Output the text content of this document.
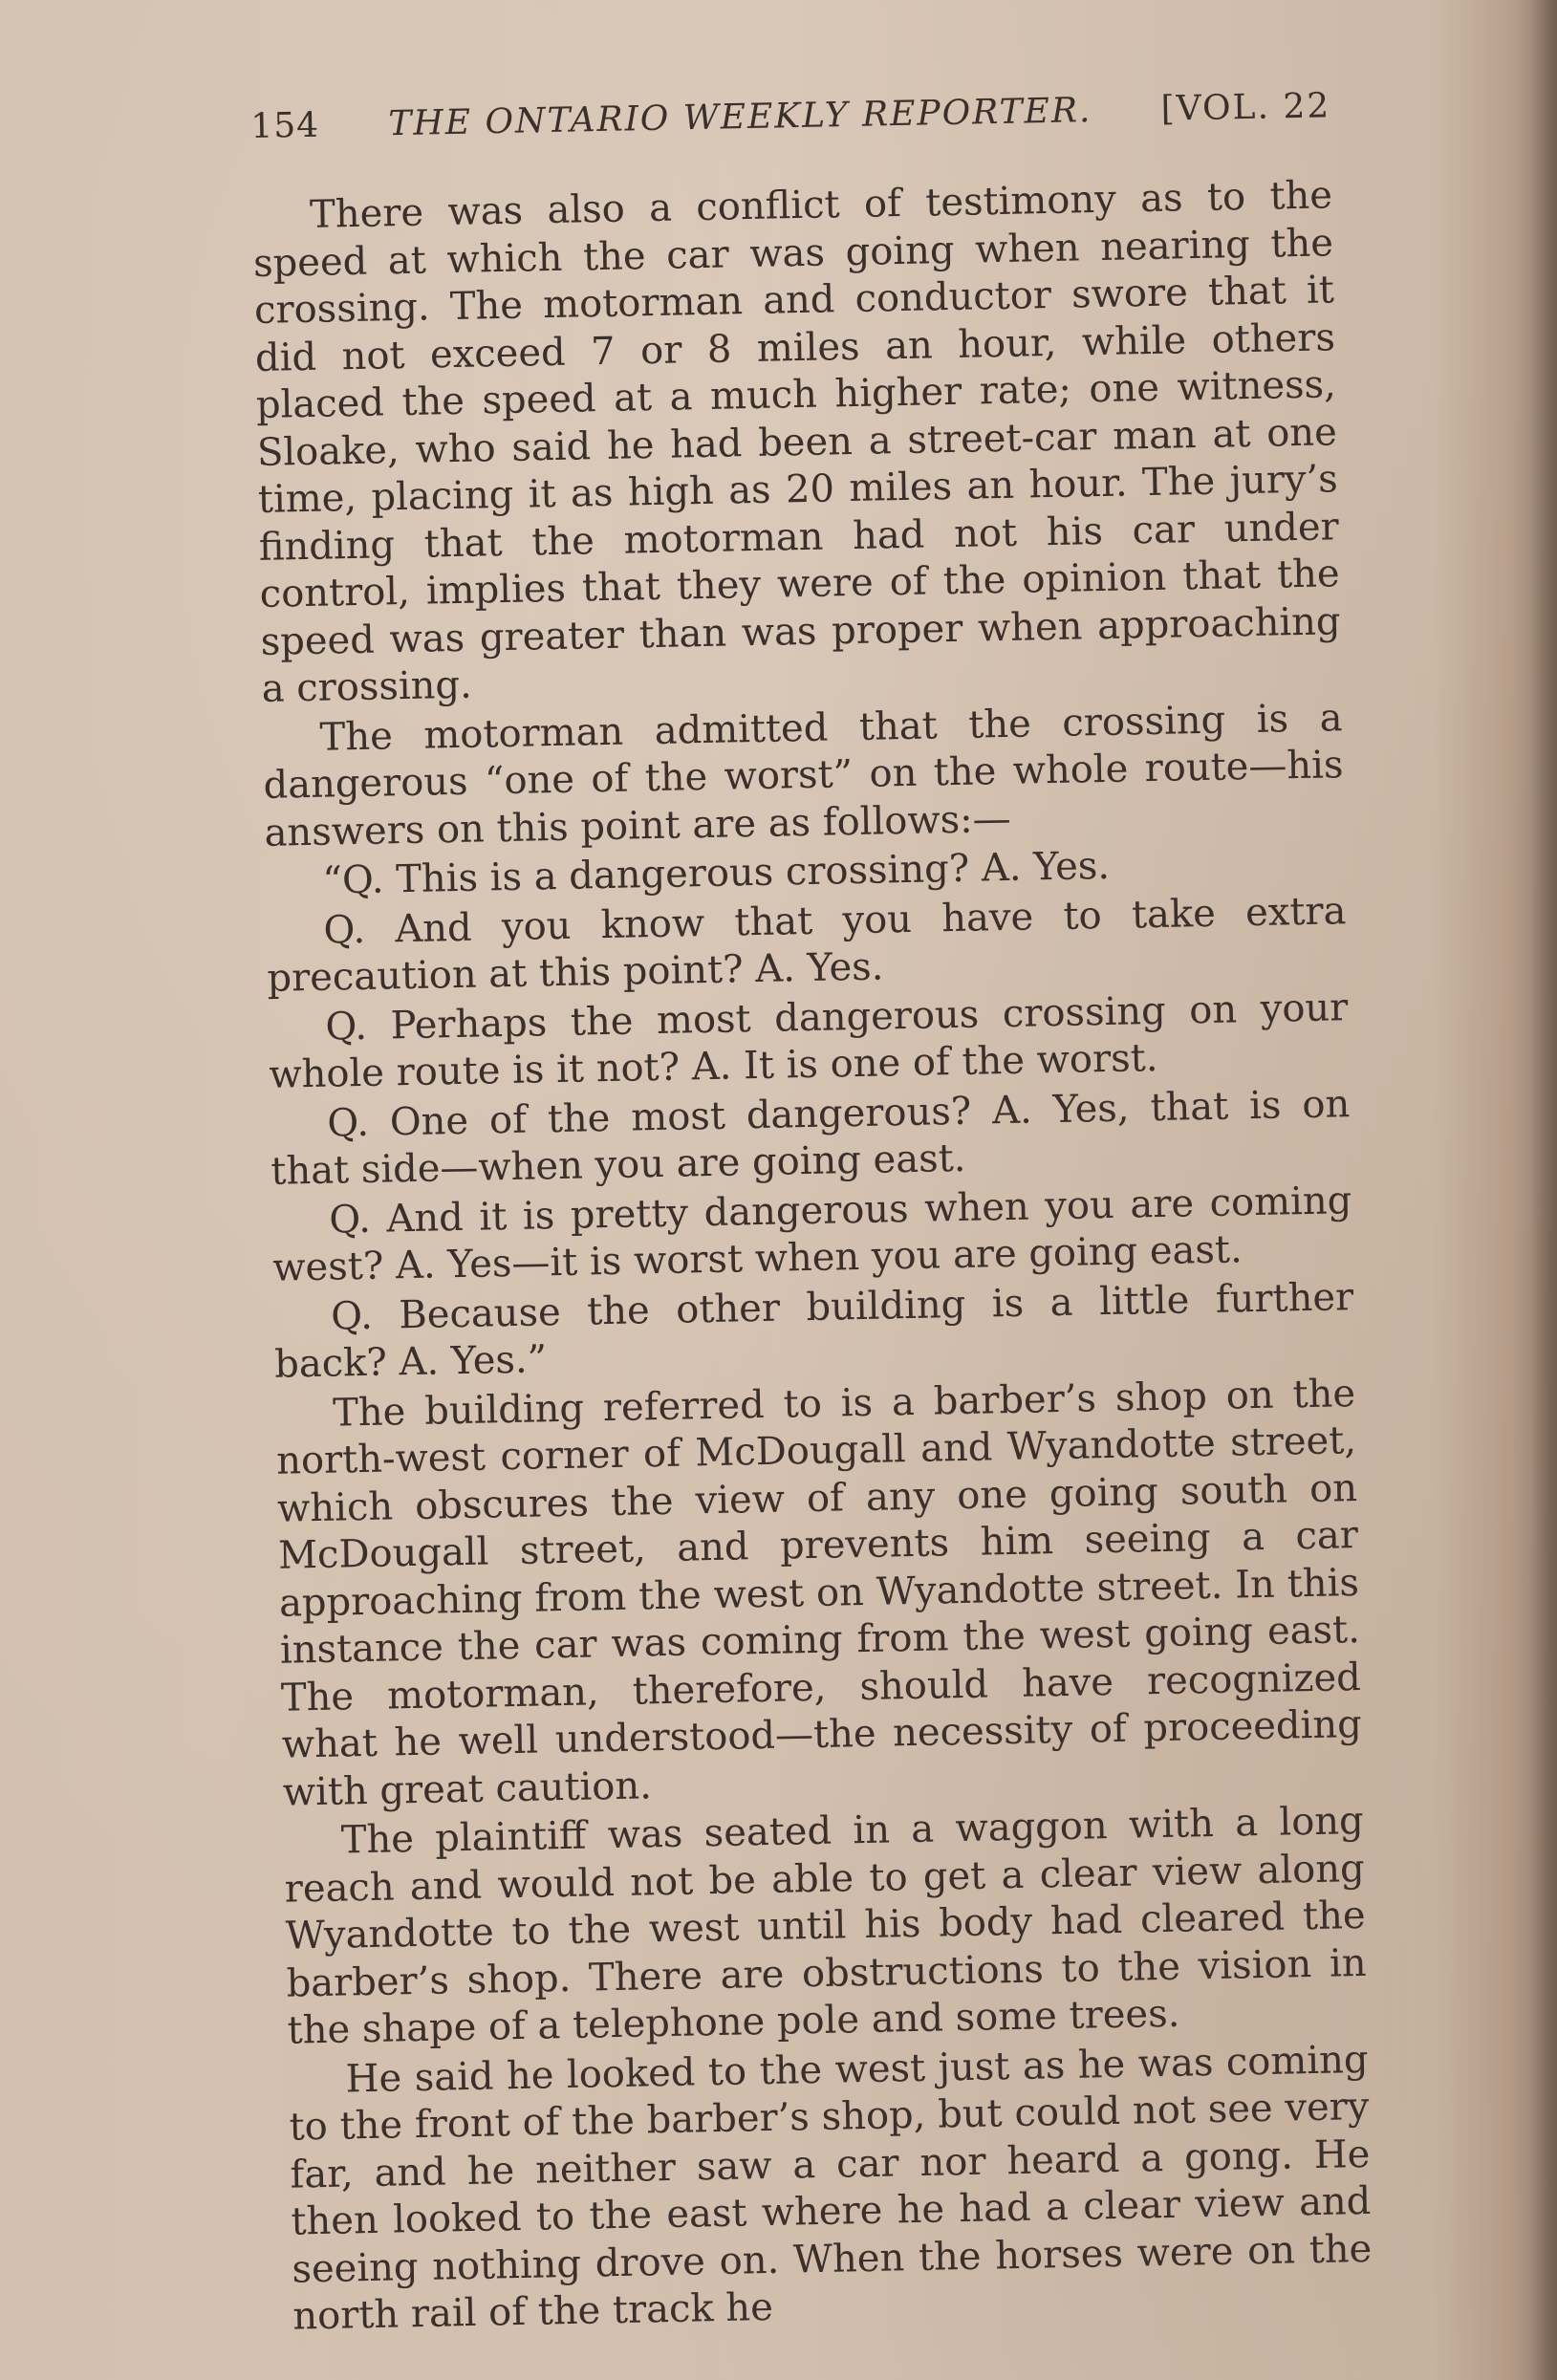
154 THE ONTARIO WEEKLY REPORTER. [VOL. 22

There was also a conflict of testimony as to the speed at which the car was going when nearing the crossing. The motorman and conductor swore that it did not exceed 7 or 8 miles an hour, while others placed the speed at a much higher rate; one witness, Sloake, who said he had been a street-car man at one time, placing it as high as 20 miles an hour. The jury’s finding that the motorman had not his car under control, implies that they were of the opinion that the speed was greater than was proper when approaching a crossing.

The motorman admitted that the crossing is a dangerous “one of the worst” on the whole route—his answers on this point are as follows:—

“Q. This is a dangerous crossing? A. Yes.

Q. And you know that you have to take extra precaution at this point? A. Yes.

Q. Perhaps the most dangerous crossing on your whole route is it not? A. It is one of the worst.

Q. One of the most dangerous? A. Yes, that is on that side—when you are going east.

Q. And it is pretty dangerous when you are coming west? A. Yes—it is worst when you are going east.

Q. Because the other building is a little further back? A. Yes.”

The building referred to is a barber’s shop on the north-west corner of McDougall and Wyandotte street, which obscures the view of any one going south on McDougall street, and prevents him seeing a car approaching from the west on Wyandotte street. In this instance the car was coming from the west going east. The motorman, therefore, should have recognized what he well understood—the necessity of proceeding with great caution.

The plaintiff was seated in a waggon with a long reach and would not be able to get a clear view along Wyandotte to the west until his body had cleared the barber’s shop. There are obstructions to the vision in the shape of a telephone pole and some trees.

He said he looked to the west just as he was coming to the front of the barber’s shop, but could not see very far, and he neither saw a car nor heard a gong. He then looked to the east where he had a clear view and seeing nothing drove on. When the horses were on the north rail of the track he
